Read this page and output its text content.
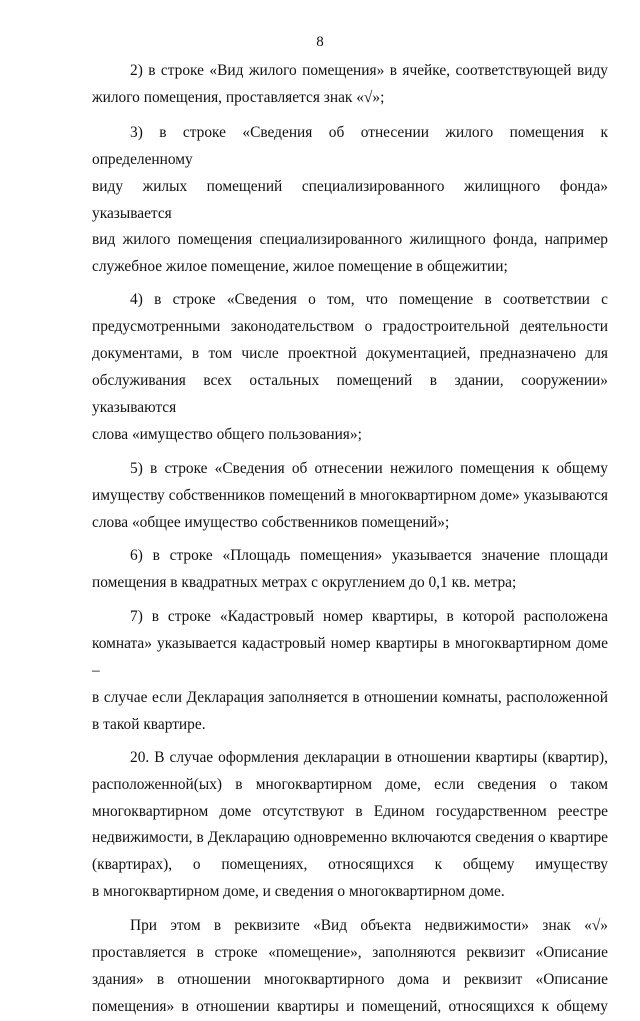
8
2) в строке «Вид жилого помещения» в ячейке, соответствующей виду
жилого помещения, проставляется знак «√»;
3) в строке «Сведения об отнесении жилого помещения к определенному
виду жилых помещений специализированного жилищного фонда» указывается
вид жилого помещения специализированного жилищного фонда, например
служебное жилое помещение, жилое помещение в общежитии;
4) в строке «Сведения о том, что помещение в соответствии с
предусмотренными законодательством о градостроительной деятельности
документами, в том числе проектной документацией, предназначено для
обслуживания всех остальных помещений в здании, сооружении» указываются
слова «имущество общего пользования»;
5) в строке «Сведения об отнесении нежилого помещения к общему
имуществу собственников помещений в многоквартирном доме» указываются
слова «общее имущество собственников помещений»;
6) в строке «Площадь помещения» указывается значение площади
помещения в квадратных метрах с округлением до 0,1 кв. метра;
7) в строке «Кадастровый номер квартиры, в которой расположена
комната» указывается кадастровый номер квартиры в многоквартирном доме –
в случае если Декларация заполняется в отношении комнаты, расположенной
в такой квартире.
20. В случае оформления декларации в отношении квартиры (квартир),
расположенной(ых) в многоквартирном доме, если сведения о таком
многоквартирном доме отсутствуют в Едином государственном реестре
недвижимости, в Декларацию одновременно включаются сведения о квартире
(квартирах), о помещениях, относящихся к общему имуществу
в многоквартирном доме, и сведения о многоквартирном доме.
При этом в реквизите «Вид объекта недвижимости» знак «√»
проставляется в строке «помещение», заполняются реквизит «Описание
здания» в отношении многоквартирного дома и реквизит «Описание
помещения» в отношении квартиры и помещений, относящихся к общему
